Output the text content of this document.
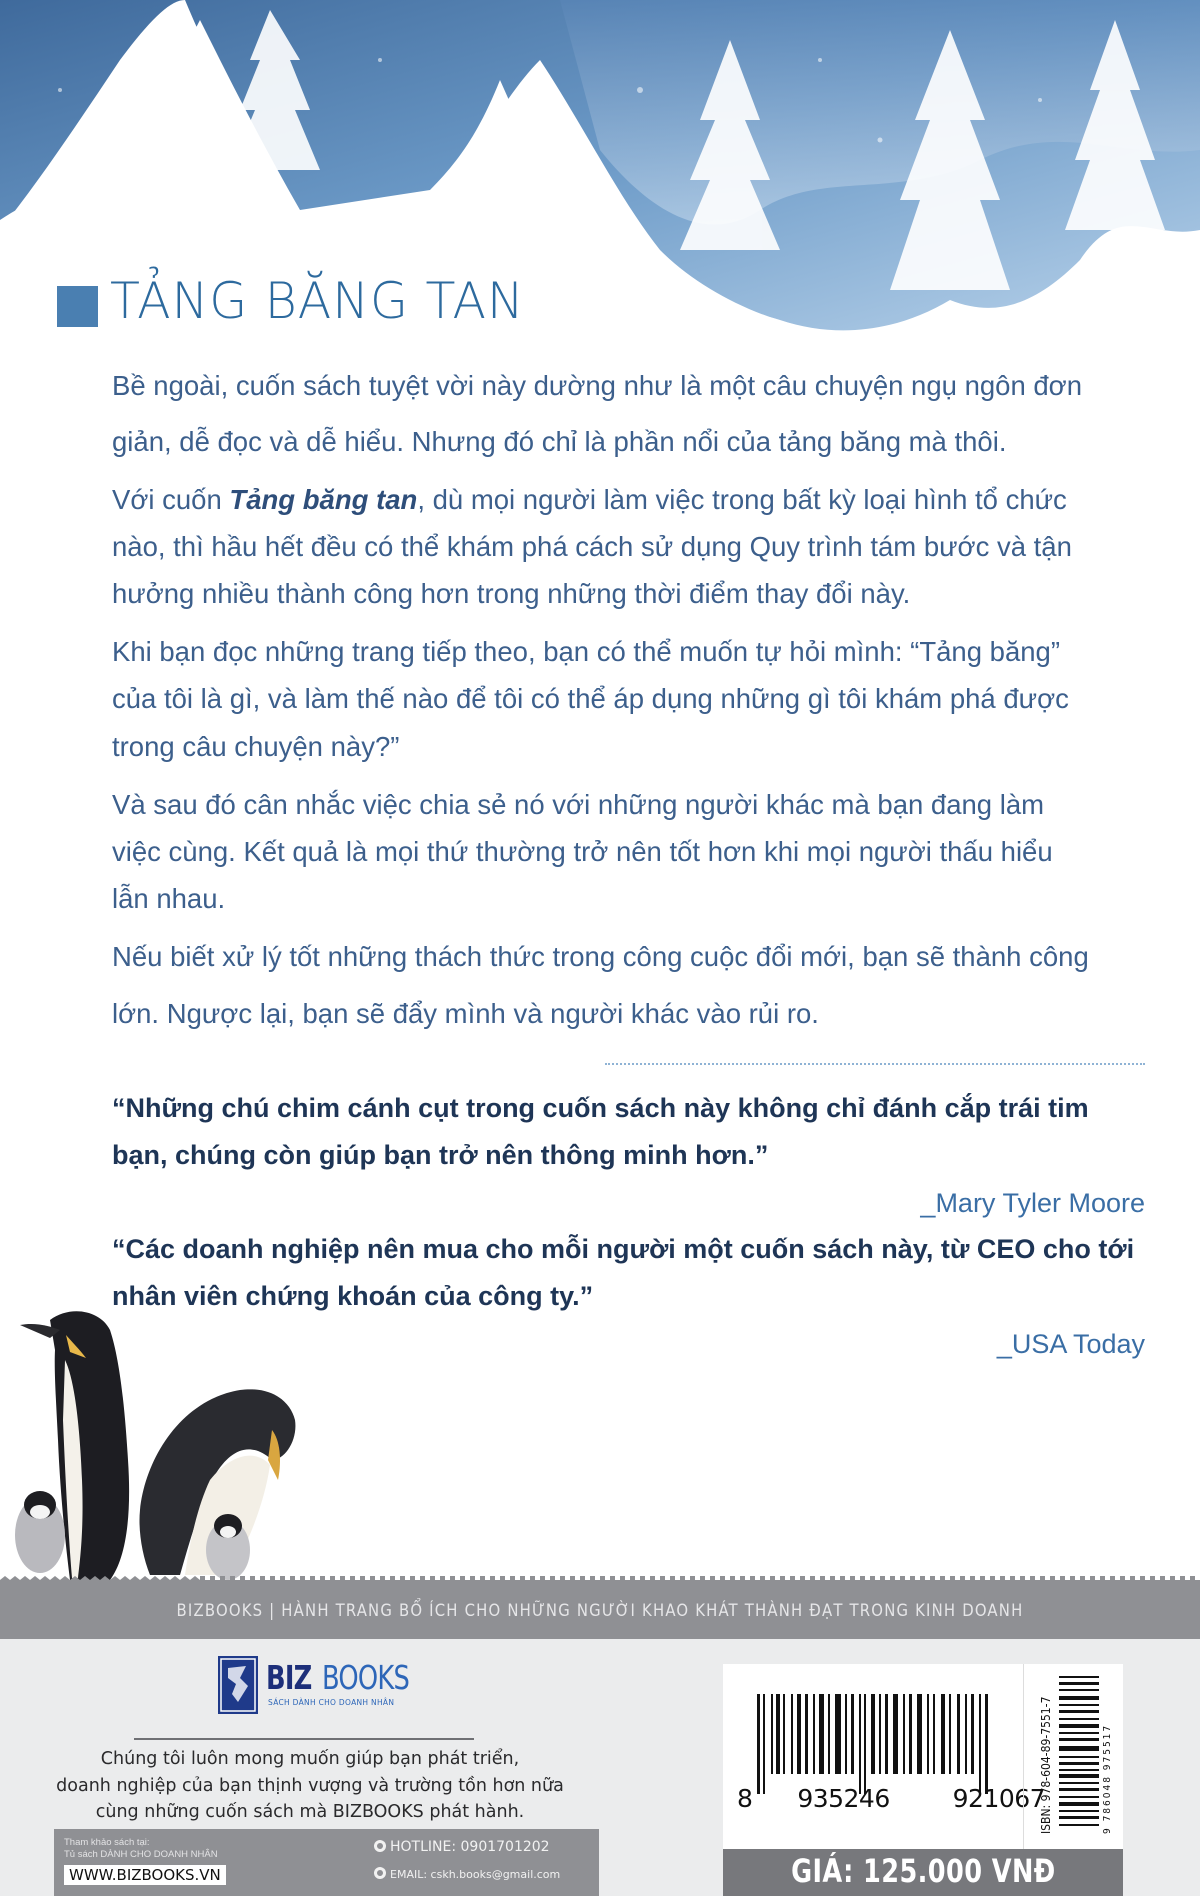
TẢNG BĂNG TAN
Bề ngoài, cuốn sách tuyệt vời này dường như là một câu chuyện ngụ ngôn đơn
giản, dễ đọc và dễ hiểu. Nhưng đó chỉ là phần nổi của tảng băng mà thôi.
Với cuốn Tảng băng tan, dù mọi người làm việc trong bất kỳ loại hình tổ chức
nào, thì hầu hết đều có thể khám phá cách sử dụng Quy trình tám bước và tận
hưởng nhiều thành công hơn trong những thời điểm thay đổi này.
Khi bạn đọc những trang tiếp theo, bạn có thể muốn tự hỏi mình: “Tảng băng”
của tôi là gì, và làm thế nào để tôi có thể áp dụng những gì tôi khám phá được
trong câu chuyện này?”
Và sau đó cân nhắc việc chia sẻ nó với những người khác mà bạn đang làm
việc cùng. Kết quả là mọi thứ thường trở nên tốt hơn khi mọi người thấu hiểu
lẫn nhau.
Nếu biết xử lý tốt những thách thức trong công cuộc đổi mới, bạn sẽ thành công
lớn. Ngược lại, bạn sẽ đẩy mình và người khác vào rủi ro.
“Những chú chim cánh cụt trong cuốn sách này không chỉ đánh cắp trái tim
bạn, chúng còn giúp bạn trở nên thông minh hơn.”
_Mary Tyler Moore
“Các doanh nghiệp nên mua cho mỗi người một cuốn sách này, từ CEO cho tới
nhân viên chứng khoán của công ty.”
_USA Today
BIZBOOKS | HÀNH TRANG BỔ ÍCH CHO NHỮNG NGƯỜI KHAO KHÁT THÀNH ĐẠT TRONG KINH DOANH
BIZ BOOKS
SÁCH DÀNH CHO DOANH NHÂN
Chúng tôi luôn mong muốn giúp bạn phát triển,
doanh nghiệp của bạn thịnh vượng và trường tồn hơn nữa
cùng những cuốn sách mà BIZBOOKS phát hành.
Tham khảo sách tại:
Tủ sách DÀNH CHO DOANH NHÂN
WWW.BIZBOOKS.VN
HOTLINE: 0901701202
EMAIL: cskh.books@gmail.com
8 935246	921067
ISBN: 978-604-89-7551-7	9 786048 975517
GIÁ: 125.000 VNĐ
